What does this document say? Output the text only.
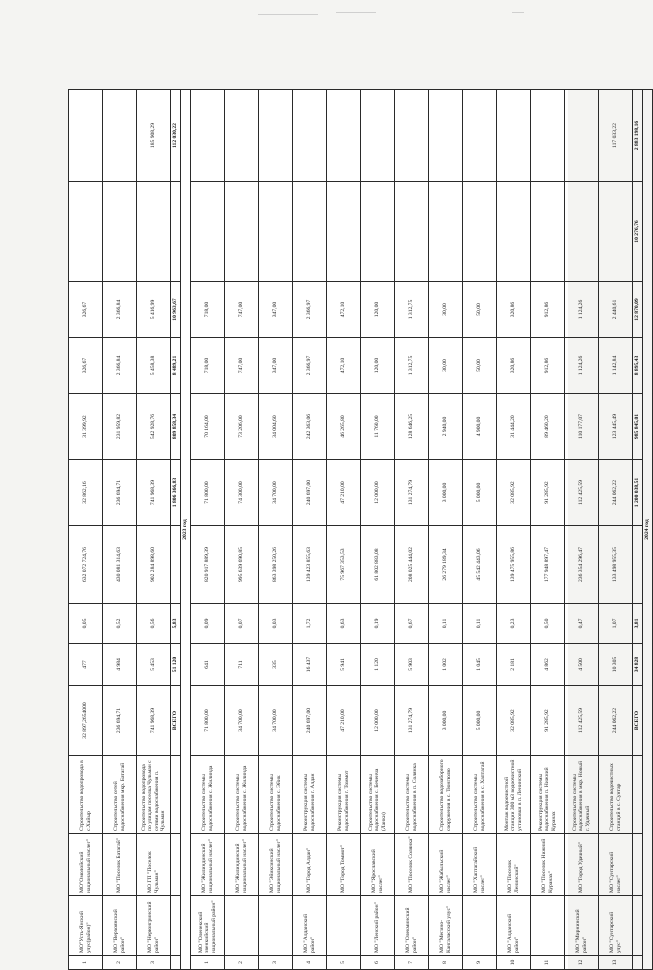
1	МО"Усть-Янский улус(район)"	МО"Омолойский национальный наслег"	Строительство водопровода в с.Хайыр	32 897,2654000	477	0,05	632 072 724,76	32 862,16	31 399,92	326,67	326,67		
2	МО "Верхоянский район"	МО "Поселок Батагай"	Строительство сетей водоснабжения мкр. Батагай	236 694,71	4 984	0,52	430 081 314,63	236 694,71	231 959,82	2 366,84	2 366,84		
3	МО "Нерюнгринский район"	МО ГП "Поселок Чульман"	Строительство водопровода по улицам поселка Чульман с сетями водоснабжения п. Чульман	741 968,39	5 453	0,56	902 284 898,60	741 968,39	542 928,76	5 458,38	5 416,99		185 908,29
				ВСЕГО	51 120	5,83		1 806 366,83	809 858,34	8 489,21	10 963,67		112 030,22
2023 год													
1	МО "Оленекский эвенкийский национальный район"	МО "Жилиндинский национальный наслег"	Строительство системы водоснабжения с. Жилинда	71 800,00	641	0,09	820 917 889,39	71 800,00	70 164,00	718,00	718,00		
2		МО "Жилиндинский национальный наслег"	Строительство системы водоснабжения с. Жилинда	34 700,00	711	0,07	995 639 690,85	74 300,00	73 206,00	747,00	747,00		
3		МО "Эйиксинский национальный наслег"	Строительство системы водоснабжения с. Эйик	34 700,00	335	0,03	863 398 250,26	34 700,00	34 004,60	347,00	347,00		
4	МО "Алданский район"	МО "Город Алдан"	Реконструкция системы водоснабжения г. Алдан	240 697,00	16 437	1,72	139 423 855,63	240 697,00	242 363,06	2 366,97	2 366,97		
5		МО "Город Томмот"	Реконструкция системы водоснабжения г. Томмот	47 210,00	5 941	0,63	75 967 353,53	47 210,00	46 265,80	472,10	472,10		
6	МО "Ленский район"	МО "Ярославский наслег"	Строительство системы водоснабжения с. Беченча (Ланки)	12 000,00	1 120	0,19	61 802 883,08	12 000,00	11 760,00	120,00	120,00		
7	МО "Олекминский район"	МО "Поселок Солянка"	Строительство системы водоснабжения в п. Солянка	131 274,79	5 903	0,67	208 025 444,02	131 274,79	128 646,25	1 312,75	1 312,75		
8	МО "Мегино-Кангаласский улус"	МО "Жабыльский наслег"	Строительство водозаборного сооружения в с. Тюнгюлю	3 000,00	1 002	0,11	26 279 189,34	3 000,00	2 940,00	30,00	30,00		
9		МО "Хаптагайский наслег"	Строительство системы водоснабжения в с. Хаптагай	5 000,00	1 045	0,11	45 542 443,06	5 000,00	4 900,00	50,00	50,00		
10	МО "Алданский район"	МО "Поселок Ленинский"	Монтаж водоочистной станции 300 м3 водоочистной установки в п. Ленинский	32 085,92	2 181	0,23	139 475 955,86	32 085,92	31 444,20	320,86	320,86		
11		МО "Поселок Нижний Куранах"	Реконструкция системы водоснабжения п. Нижний Куранах	91 285,92	4 862	0,50	177 948 897,47	91 285,92	89 460,20	912,86	912,86		
12	МО "Мирнинский район"	МО "Город Удачный"	Строительство системы водоснабжения в мкр. Новый г. Удачный	112 425,59	4 500	0,47	236 354 296,47	112 425,59	110 177,07	1 124,26	1 124,26		
13	МО "Сунтарский улус"	МО "Сунтарский наслег"	Строительство водочистных станций в с. Сунтар	244 062,22	10 305	1,07	133 498 955,35	244 062,22	123 445,49	1 142,84	2 440,61		117 033,22
				ВСЕГО	34 828	3,81		1 200 038,51	985 845,01	8 895,43	12 870,09	10 276,76	2 883 198,16
2024 год													
